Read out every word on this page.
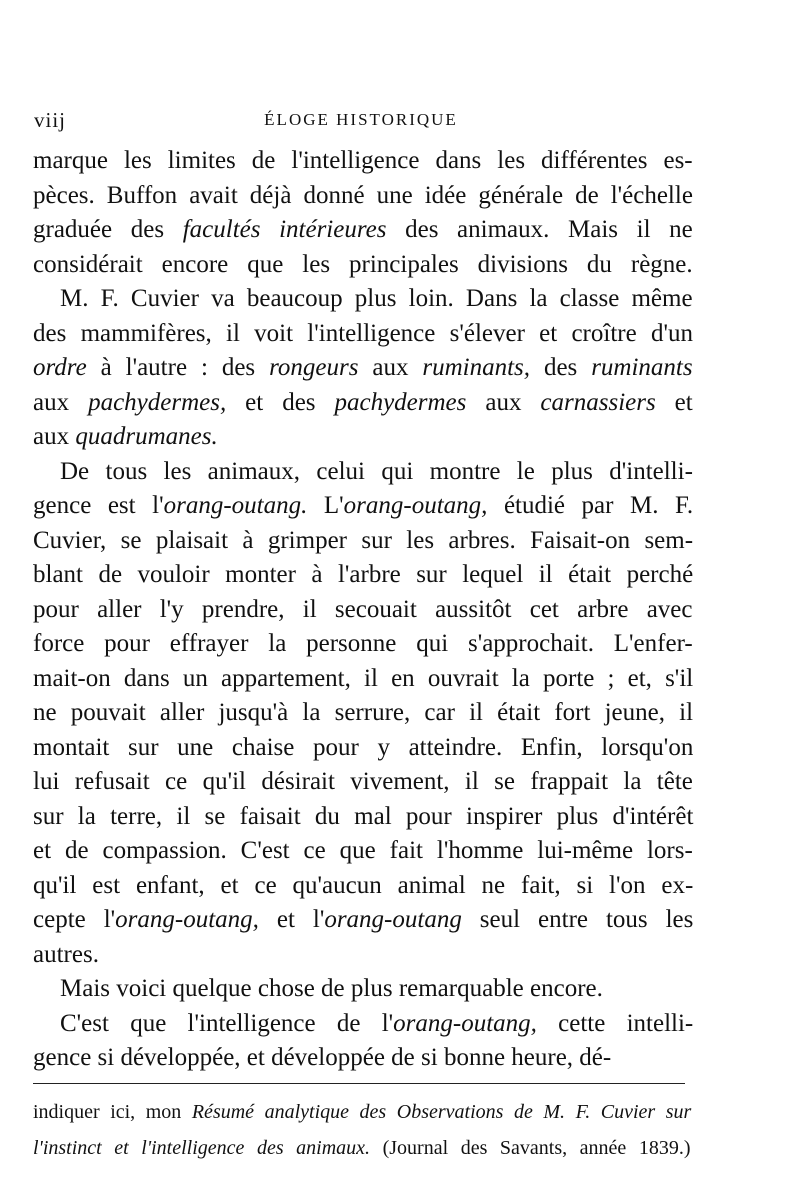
viij	ÉLOGE HISTORIQUE
marque les limites de l'intelligence dans les différentes es-
pèces. Buffon avait déjà donné une idée générale de l'échelle
graduée des facultés intérieures des animaux. Mais il ne
considérait encore que les principales divisions du règne.
M. F. Cuvier va beaucoup plus loin. Dans la classe même
des mammifères, il voit l'intelligence s'élever et croître d'un
ordre à l'autre : des rongeurs aux ruminants, des ruminants
aux pachydermes, et des pachydermes aux carnassiers et
aux quadrumanes.
De tous les animaux, celui qui montre le plus d'intelli-
gence est l'orang-outang. L'orang-outang, étudié par M. F.
Cuvier, se plaisait à grimper sur les arbres. Faisait-on sem-
blant de vouloir monter à l'arbre sur lequel il était perché
pour aller l'y prendre, il secouait aussitôt cet arbre avec
force pour effrayer la personne qui s'approchait. L'enfer-
mait-on dans un appartement, il en ouvrait la porte ; et, s'il
ne pouvait aller jusqu'à la serrure, car il était fort jeune, il
montait sur une chaise pour y atteindre. Enfin, lorsqu'on
lui refusait ce qu'il désirait vivement, il se frappait la tête
sur la terre, il se faisait du mal pour inspirer plus d'intérêt
et de compassion. C'est ce que fait l'homme lui-même lors-
qu'il est enfant, et ce qu'aucun animal ne fait, si l'on ex-
cepte l'orang-outang, et l'orang-outang seul entre tous les
autres.
Mais voici quelque chose de plus remarquable encore.
C'est que l'intelligence de l'orang-outang, cette intelli-
gence si développée, et développée de si bonne heure, dé-
indiquer ici, mon Résumé analytique des Observations de M. F. Cuvier sur
l'instinct et l'intelligence des animaux. (Journal des Savants, année 1839.)
